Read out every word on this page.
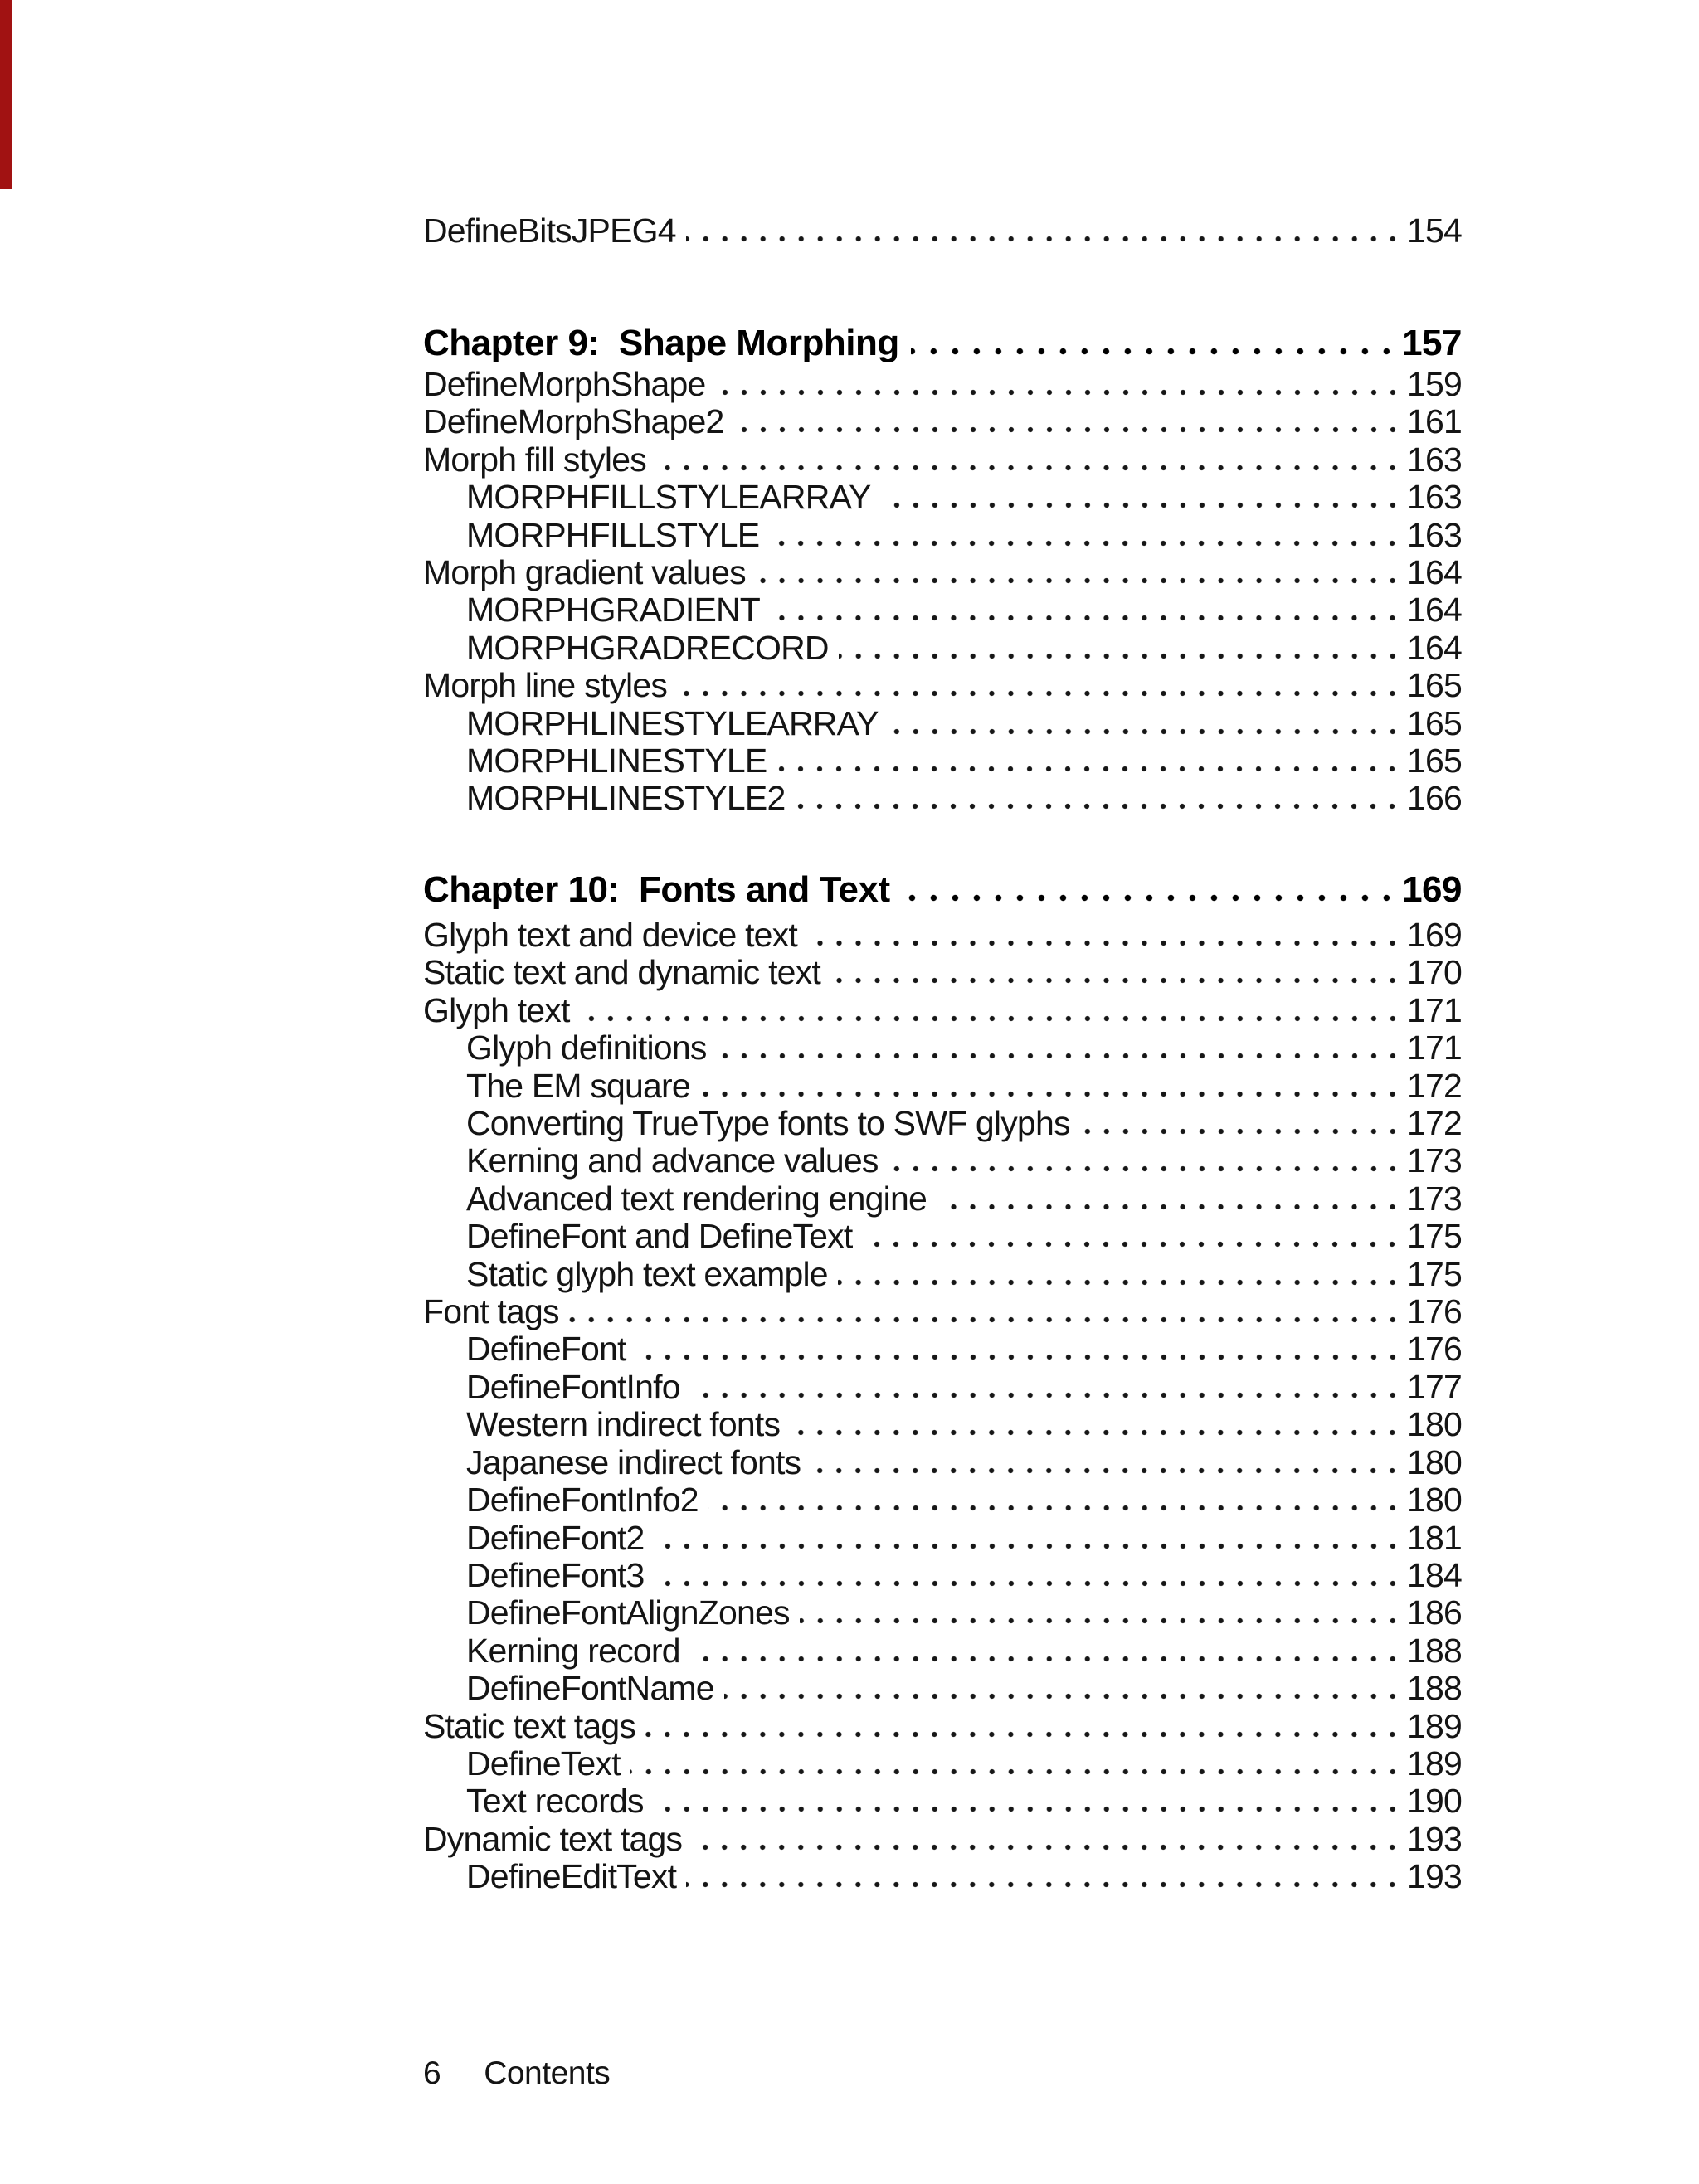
DefineBitsJPEG4	154
Chapter 9:  Shape Morphing	157
DefineMorphShape	159
DefineMorphShape2	161
Morph fill styles	163
MORPHFILLSTYLEARRAY	163
MORPHFILLSTYLE	163
Morph gradient values	164
MORPHGRADIENT	164
MORPHGRADRECORD	164
Morph line styles	165
MORPHLINESTYLEARRAY	165
MORPHLINESTYLE	165
MORPHLINESTYLE2	166
Chapter 10:  Fonts and Text	169
Glyph text and device text	169
Static text and dynamic text	170
Glyph text	171
Glyph definitions	171
The EM square	172
Converting TrueType fonts to SWF glyphs	172
Kerning and advance values	173
Advanced text rendering engine	173
DefineFont and DefineText	175
Static glyph text example	175
Font tags	176
DefineFont	176
DefineFontInfo	177
Western indirect fonts	180
Japanese indirect fonts	180
DefineFontInfo2	180
DefineFont2	181
DefineFont3	184
DefineFontAlignZones	186
Kerning record	188
DefineFontName	188
Static text tags	189
DefineText	189
Text records	190
Dynamic text tags	193
DefineEditText	193
6 Contents
